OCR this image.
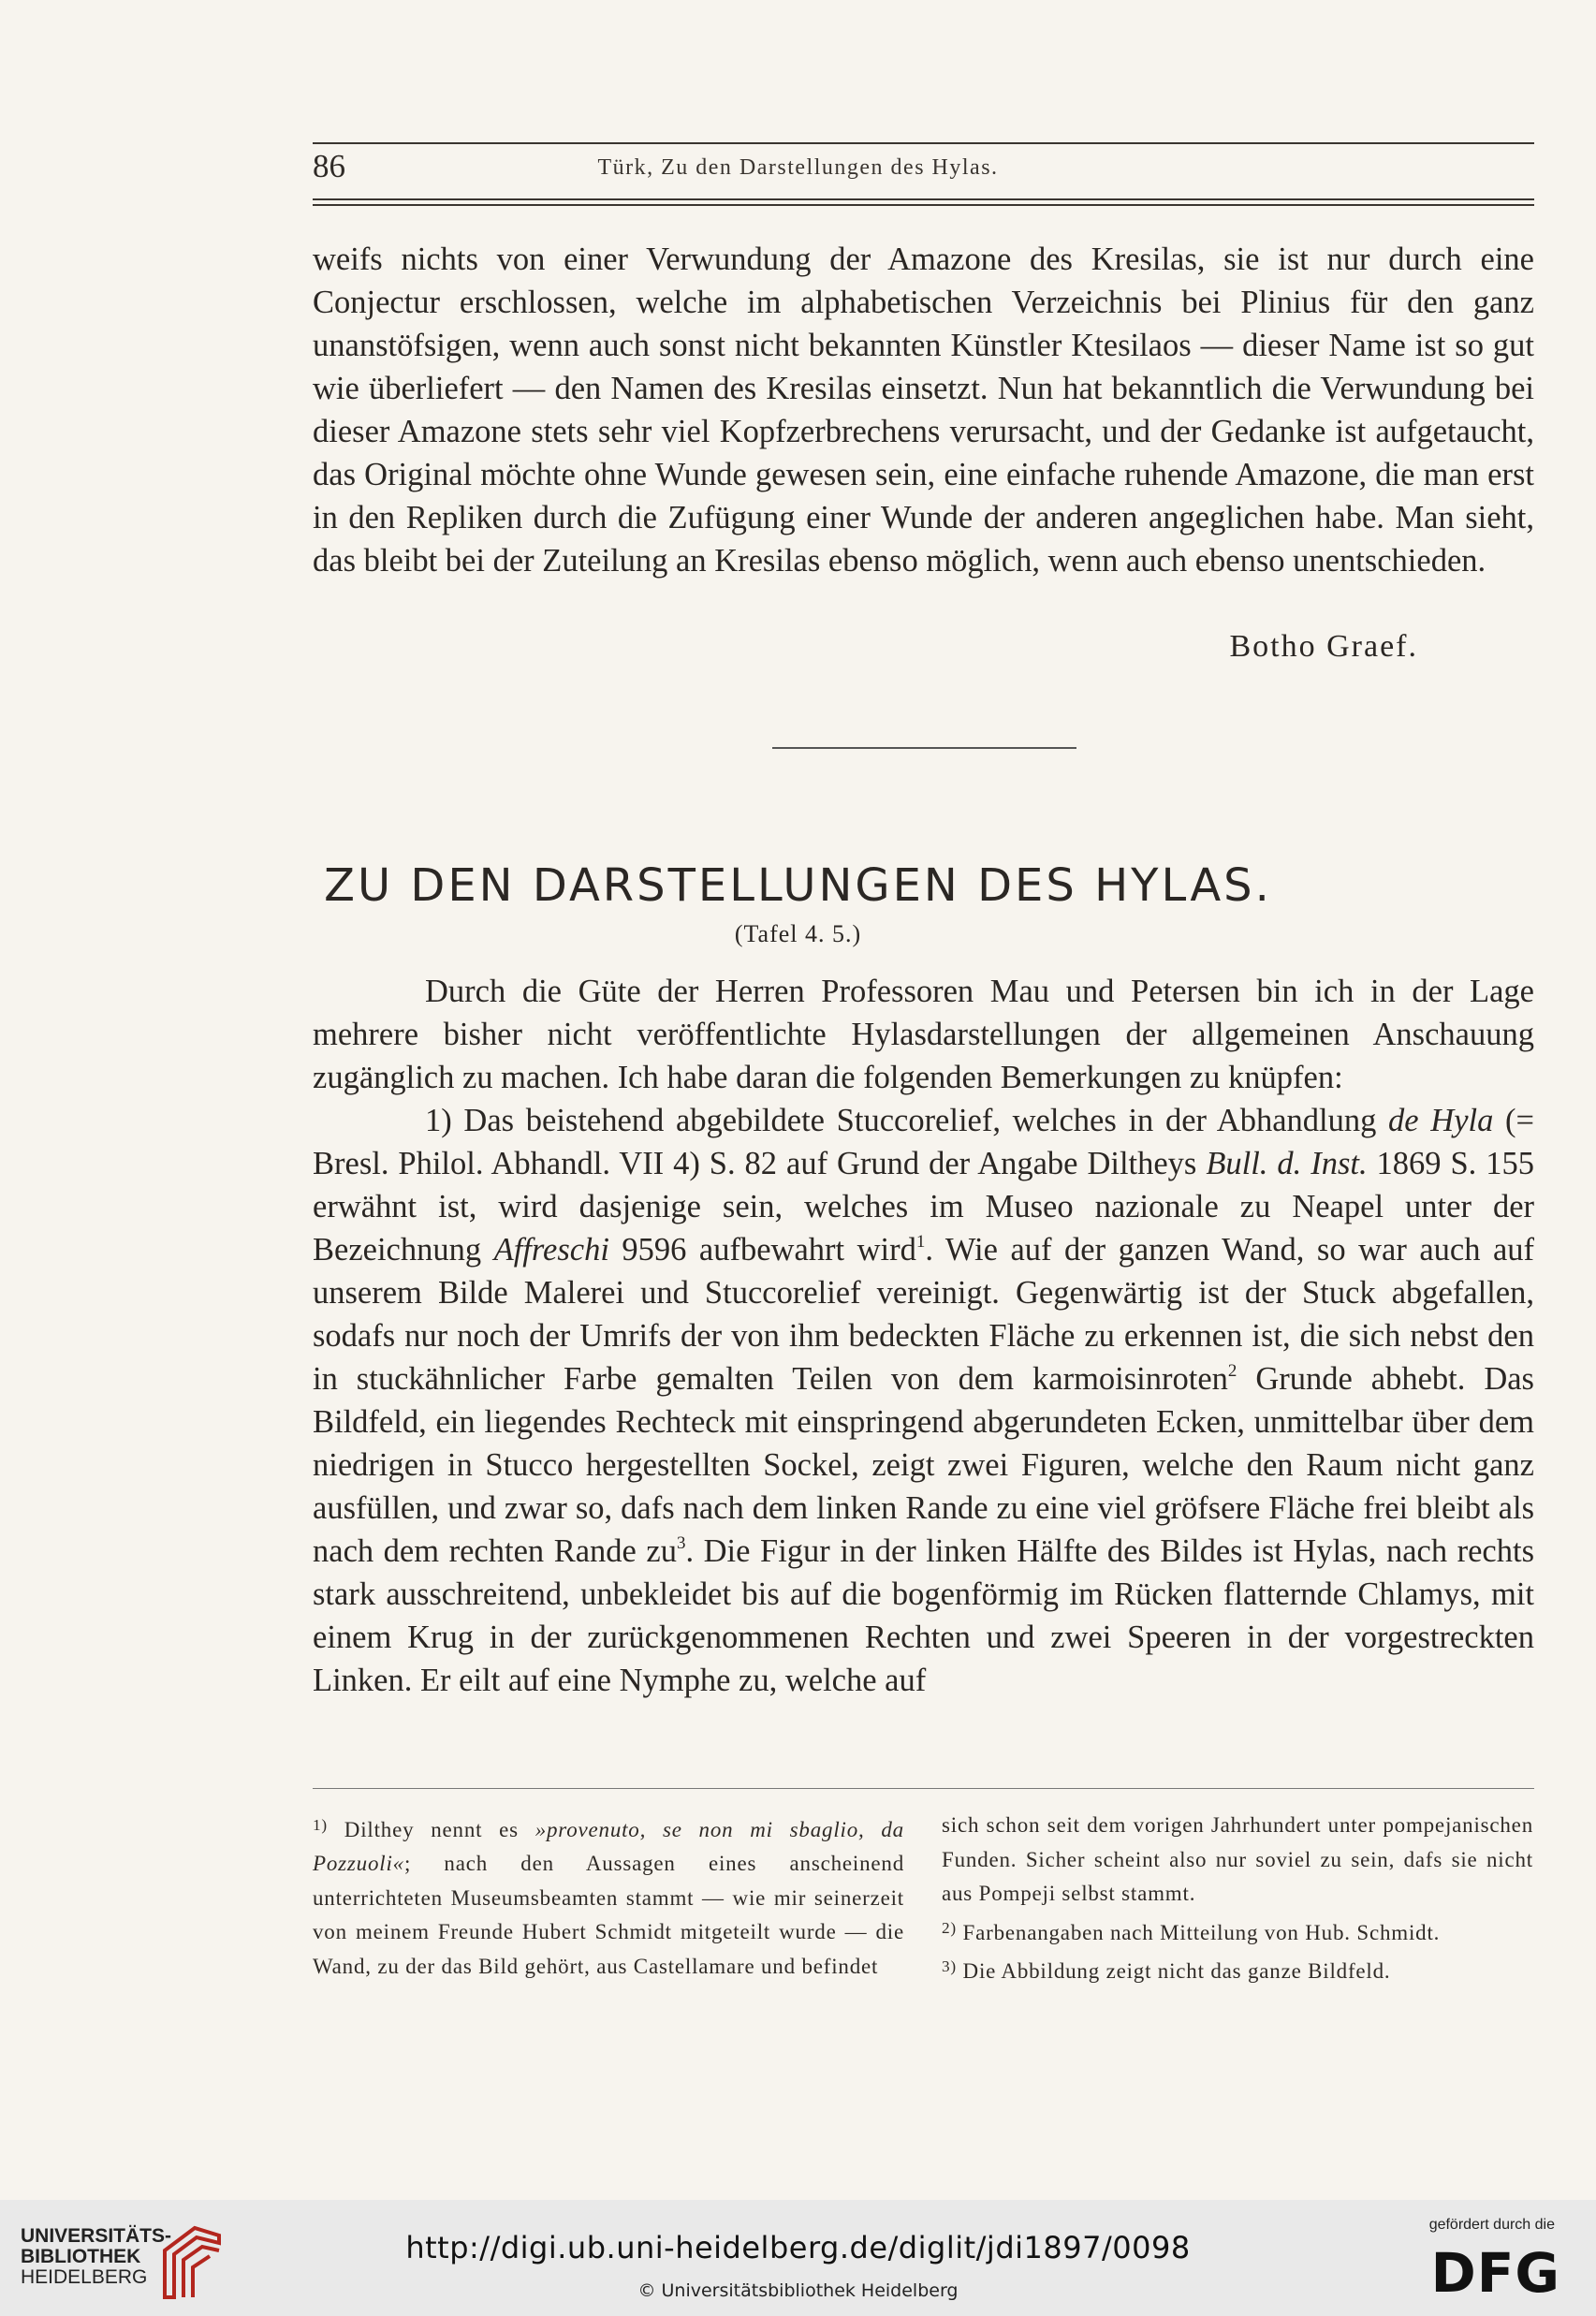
86	Türk, Zu den Darstellungen des Hylas.

weifs nichts von einer Verwundung der Amazone des Kresilas, sie ist nur durch eine Conjectur erschlossen, welche im alphabetischen Verzeichnis bei Plinius für den ganz unanstöfsigen, wenn auch sonst nicht bekannten Künstler Ktesilaos — dieser Name ist so gut wie überliefert — den Namen des Kresilas einsetzt. Nun hat bekanntlich die Verwundung bei dieser Amazone stets sehr viel Kopfzerbrechens verursacht, und der Gedanke ist aufgetaucht, das Original möchte ohne Wunde gewesen sein, eine einfache ruhende Amazone, die man erst in den Repliken durch die Zufügung einer Wunde der anderen angeglichen habe. Man sieht, das bleibt bei der Zuteilung an Kresilas ebenso möglich, wenn auch ebenso unentschieden.

Botho Graef.
ZU DEN DARSTELLUNGEN DES HYLAS.
(Tafel 4. 5.)

Durch die Güte der Herren Professoren Mau und Petersen bin ich in der Lage mehrere bisher nicht veröffentlichte Hylasdarstellungen der allgemeinen Anschauung zugänglich zu machen. Ich habe daran die folgenden Bemerkungen zu knüpfen:

1) Das beistehend abgebildete Stuccorelief, welches in der Abhandlung de Hyla (= Bresl. Philol. Abhandl. VII 4) S. 82 auf Grund der Angabe Diltheys Bull. d. Inst. 1869 S. 155 erwähnt ist, wird dasjenige sein, welches im Museo nazionale zu Neapel unter der Bezeichnung Affreschi 9596 aufbewahrt wird$^1$. Wie auf der ganzen Wand, so war auch auf unserem Bilde Malerei und Stuccorelief vereinigt. Gegenwärtig ist der Stuck abgefallen, sodafs nur noch der Umrifs der von ihm bedeckten Fläche zu erkennen ist, die sich nebst den in stuckähnlicher Farbe gemalten Teilen von dem karmoisinroten$^2$ Grunde abhebt. Das Bildfeld, ein liegendes Rechteck mit einspringend abgerundeten Ecken, unmittelbar über dem niedrigen in Stucco hergestellten Sockel, zeigt zwei Figuren, welche den Raum nicht ganz ausfüllen, und zwar so, dafs nach dem linken Rande zu eine viel gröfsere Fläche frei bleibt als nach dem rechten Rande $zu^3$. Die Figur in der linken Hälfte des Bildes ist Hylas, nach rechts stark ausschreitend, unbekleidet bis auf die bogenförmig im Rücken flatternde Chlamys, mit einem Krug in der zurückgenommenen Rechten und zwei Speeren in der vorgestreckten Linken. Er eilt auf eine Nymphe zu, welche auf

$^{1)}$ Dilthey nennt es »provenuto, se non mi sbaglio, da Pozzuoli«; nach den Aussagen eines anscheinend unterrichteten Museumsbeamten stammt — wie mir seinerzeit von meinem Freunde Hubert Schmidt mitgeteilt wurde — die Wand, zu der das Bild gehört, aus Castellamare und befindet

sich schon seit dem vorigen Jahrhundert unter pompejanischen Funden. Sicher scheint also nur soviel zu sein, dafs sie nicht aus Pompeji selbst stammt.

$^{2)}$ Farbenangaben nach Mitteilung von Hub. Schmidt.

$^{3)}$ Die Abbildung zeigt nicht das ganze Bildfeld.

UNIVERSITÄTS-
BIBLIOTHEK
HEIDELBERG
http://digi.ub.uni-heidelberg.de/diglit/jdi1897/0098
© Universitätsbibliothek Heidelberg
gefördert durch die
DFG
